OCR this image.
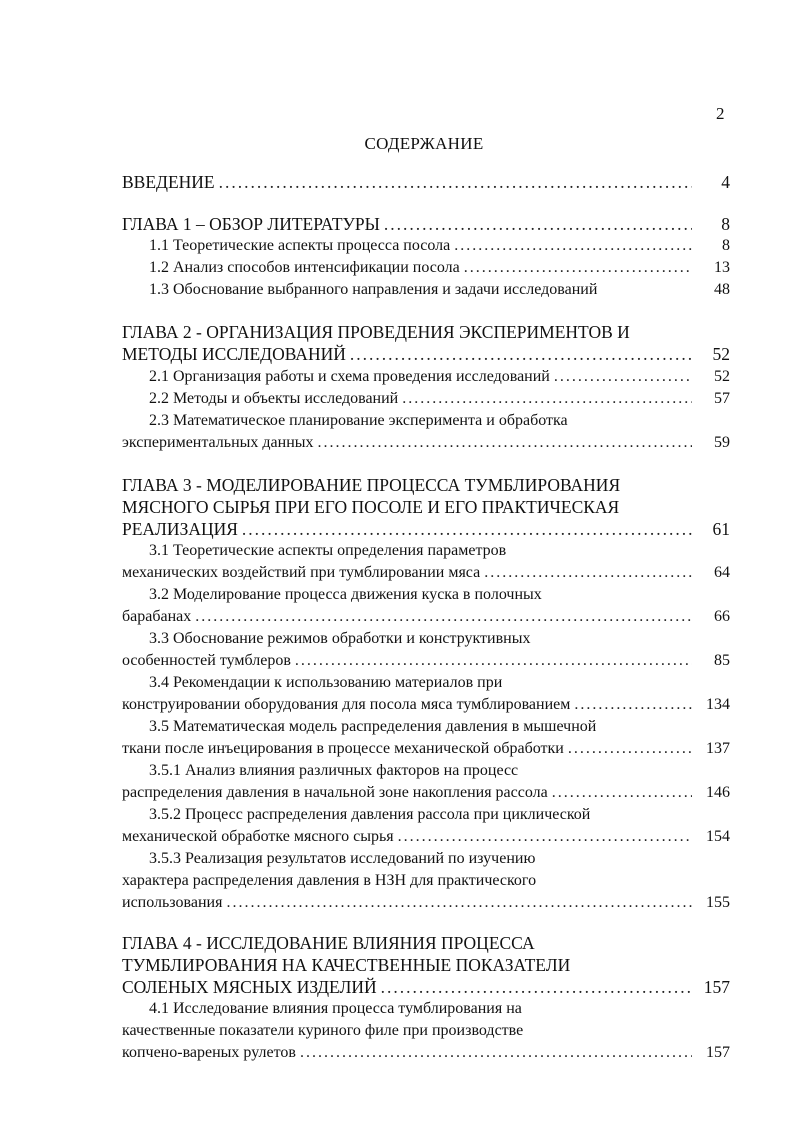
2
СОДЕРЖАНИЕ
ВВЕДЕНИЕ .....	4
ГЛАВА 1 – ОБЗОР ЛИТЕРАТУРЫ .....	8
1.1 Теоретические аспекты процесса посола .....	8
1.2 Анализ способов интенсификации посола .....	13
1.3 Обоснование выбранного направления и задачи исследований	48
ГЛАВА 2 - ОРГАНИЗАЦИЯ ПРОВЕДЕНИЯ ЭКСПЕРИМЕНТОВ И
МЕТОДЫ ИССЛЕДОВАНИЙ .....	52
2.1 Организация работы и схема проведения исследований .....	52
2.2 Методы и объекты исследований .....	57
2.3 Математическое планирование эксперимента и обработка
экспериментальных данных .....	59
ГЛАВА 3 - МОДЕЛИРОВАНИЕ ПРОЦЕССА ТУМБЛИРОВАНИЯ
МЯСНОГО СЫРЬЯ ПРИ ЕГО ПОСОЛЕ И ЕГО ПРАКТИЧЕСКАЯ
РЕАЛИЗАЦИЯ .....	61
3.1 Теоретические аспекты определения параметров
механических воздействий при тумблировании мяса .....	64
3.2 Моделирование процесса движения куска в полочных
барабанах .....	66
3.3 Обоснование режимов обработки и конструктивных
особенностей тумблеров .....	85
3.4 Рекомендации к использованию материалов при
конструировании оборудования для посола мяса тумблированием .....	134
3.5 Математическая модель распределения давления в мышечной
ткани после инъецирования в процессе механической обработки .....	137
3.5.1 Анализ влияния различных факторов на процесс
распределения давления в начальной зоне накопления рассола .....	146
3.5.2 Процесс распределения давления рассола при циклической
механической обработке мясного сырья .....	154
3.5.3 Реализация результатов исследований по изучению
характера распределения давления в НЗН для практического
использования .....	155
ГЛАВА 4 - ИССЛЕДОВАНИЕ ВЛИЯНИЯ ПРОЦЕССА
ТУМБЛИРОВАНИЯ НА КАЧЕСТВЕННЫЕ ПОКАЗАТЕЛИ
СОЛЕНЫХ МЯСНЫХ ИЗДЕЛИЙ .....	157
4.1 Исследование влияния процесса тумблирования на
качественные показатели куриного филе при производстве
копчено-вареных рулетов .....	157
